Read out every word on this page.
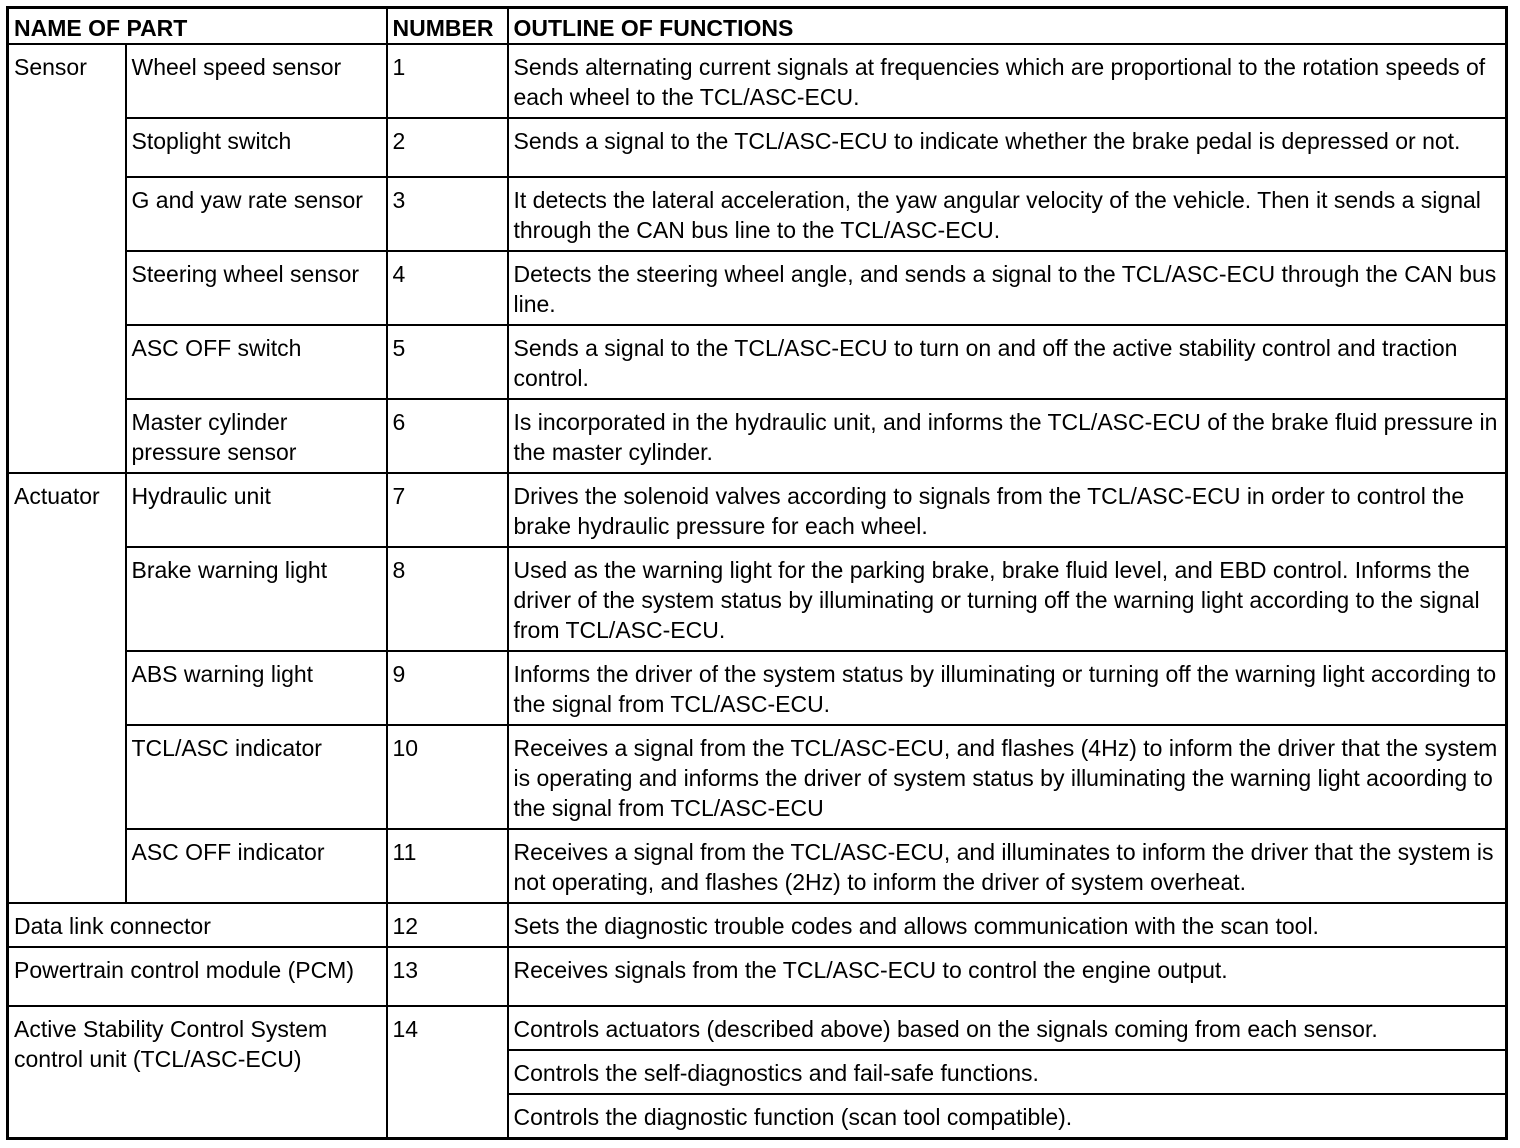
NAME OF PART		NUMBER	OUTLINE OF FUNCTIONS
Sensor	Wheel speed sensor	1	Sends alternating current signals at frequencies which are proportional to the rotation speeds of each wheel to the TCL/ASC-ECU.
	Stoplight switch	2	Sends a signal to the TCL/ASC-ECU to indicate whether the brake pedal is depressed or not.
	G and yaw rate sensor	3	It detects the lateral acceleration, the yaw angular velocity of the vehicle. Then it sends a signal through the CAN bus line to the TCL/ASC-ECU.
	Steering wheel sensor	4	Detects the steering wheel angle, and sends a signal to the TCL/ASC-ECU through the CAN bus line.
	ASC OFF switch	5	Sends a signal to the TCL/ASC-ECU to turn on and off the active stability control and traction control.
	Master cylinder pressure sensor	6	Is incorporated in the hydraulic unit, and informs the TCL/ASC-ECU of the brake fluid pressure in the master cylinder.
Actuator	Hydraulic unit	7	Drives the solenoid valves according to signals from the TCL/ASC-ECU in order to control the brake hydraulic pressure for each wheel.
	Brake warning light	8	Used as the warning light for the parking brake, brake fluid level, and EBD control. Informs the driver of the system status by illuminating or turning off the warning light according to the signal from TCL/ASC-ECU.
	ABS warning light	9	Informs the driver of the system status by illuminating or turning off the warning light according to the signal from TCL/ASC-ECU.
	TCL/ASC indicator	10	Receives a signal from the TCL/ASC-ECU, and flashes (4Hz) to inform the driver that the system is operating and informs the driver of system status by illuminating the warning light acoording to the signal from TCL/ASC-ECU
	ASC OFF indicator	11	Receives a signal from the TCL/ASC-ECU, and illuminates to inform the driver that the system is not operating, and flashes (2Hz) to inform the driver of system overheat.
Data link connector		12	Sets the diagnostic trouble codes and allows communication with the scan tool.
Powertrain control module (PCM)		13	Receives signals from the TCL/ASC-ECU to control the engine output.
Active Stability Control System control unit (TCL/ASC-ECU)		14	Controls actuators (described above) based on the signals coming from each sensor.
			Controls the self-diagnostics and fail-safe functions.
			Controls the diagnostic function (scan tool compatible).
